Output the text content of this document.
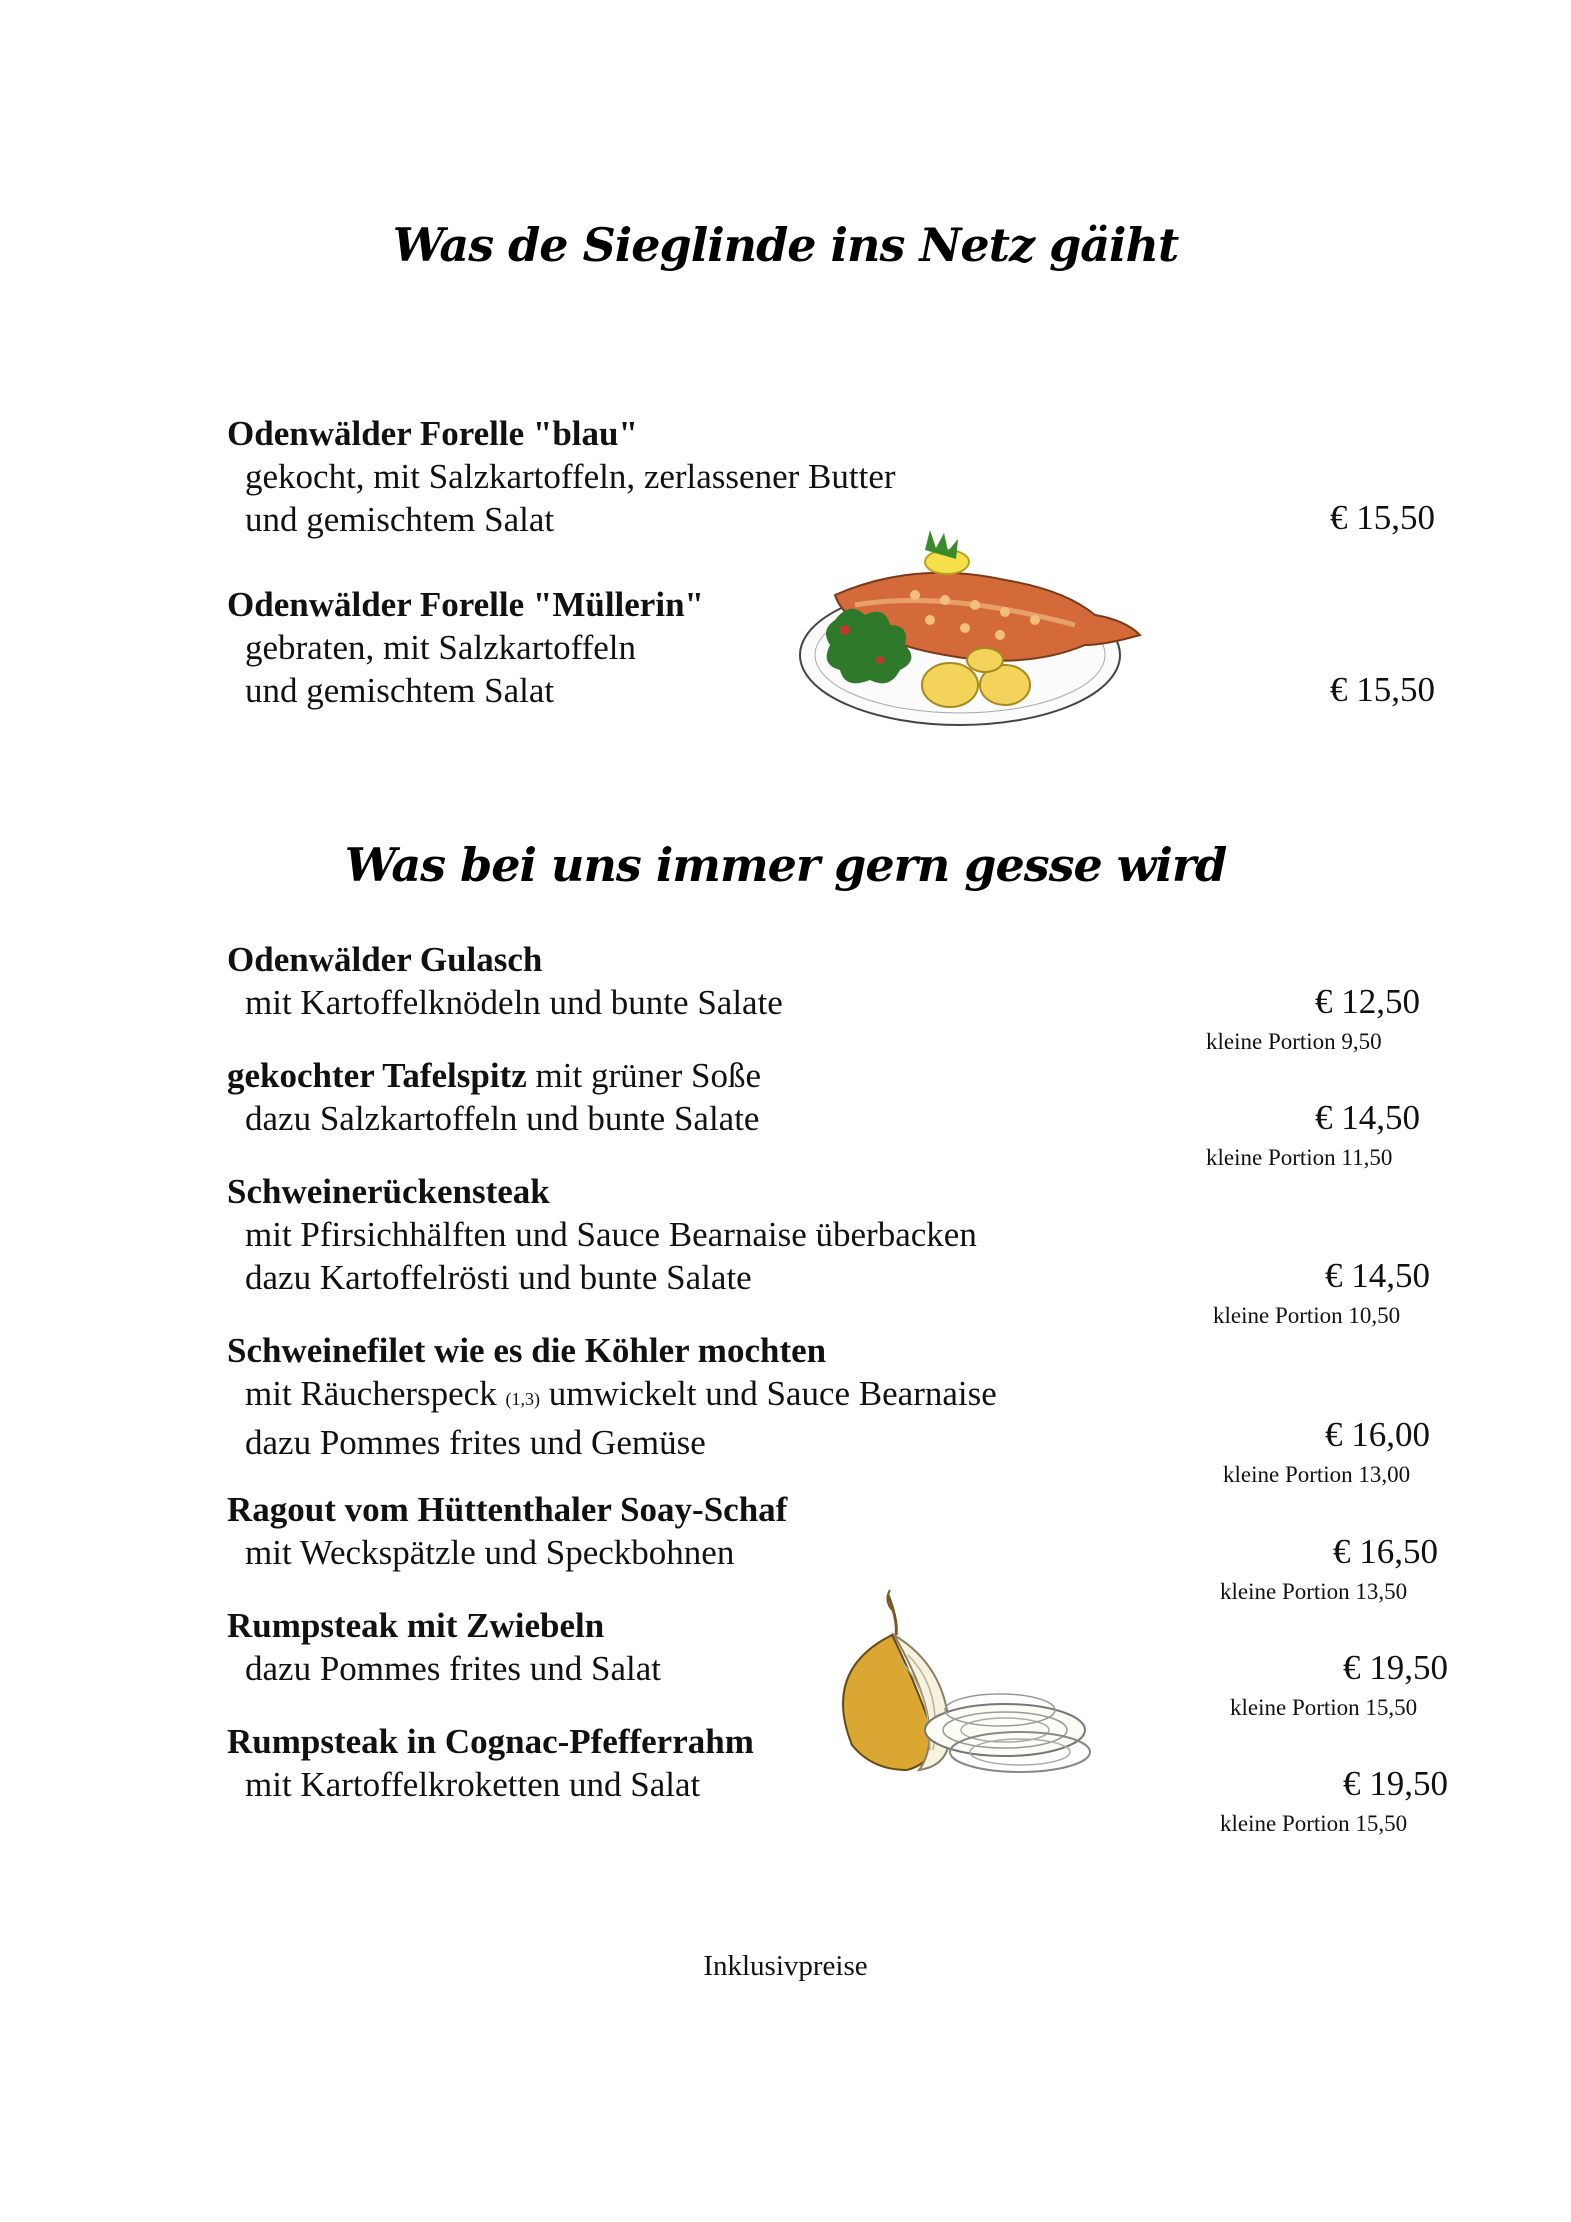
Was de Sieglinde ins Netz gäiht
Odenwälder Forelle "blau"
gekocht, mit Salzkartoffeln, zerlassener Butter
und gemischtem Salat	€ 15,50
Odenwälder Forelle "Müllerin"
gebraten, mit Salzkartoffeln
und gemischtem Salat	€ 15,50
Was bei uns immer gern gesse wird
Odenwälder Gulasch
mit Kartoffelknödeln und bunte Salate	€ 12,50
kleine Portion 9,50
gekochter Tafelspitz mit grüner Soße
dazu Salzkartoffeln und bunte Salate	€ 14,50
kleine Portion 11,50
Schweinerückensteak
mit Pfirsichhälften und Sauce Bearnaise überbacken
dazu Kartoffelrösti und bunte Salate	€ 14,50
kleine Portion 10,50
Schweinefilet wie es die Köhler mochten
mit Räucherspeck (1,3) umwickelt und Sauce Bearnaise
dazu Pommes frites und Gemüse	€ 16,00
kleine Portion 13,00
Ragout vom Hüttenthaler Soay-Schaf
mit Weckspätzle und Speckbohnen	€ 16,50
kleine Portion 13,50
Rumpsteak mit Zwiebeln
dazu Pommes frites und Salat	€ 19,50
kleine Portion 15,50
Rumpsteak in Cognac-Pfefferrahm
mit Kartoffelkroketten und Salat	€ 19,50
kleine Portion 15,50
Inklusivpreise
